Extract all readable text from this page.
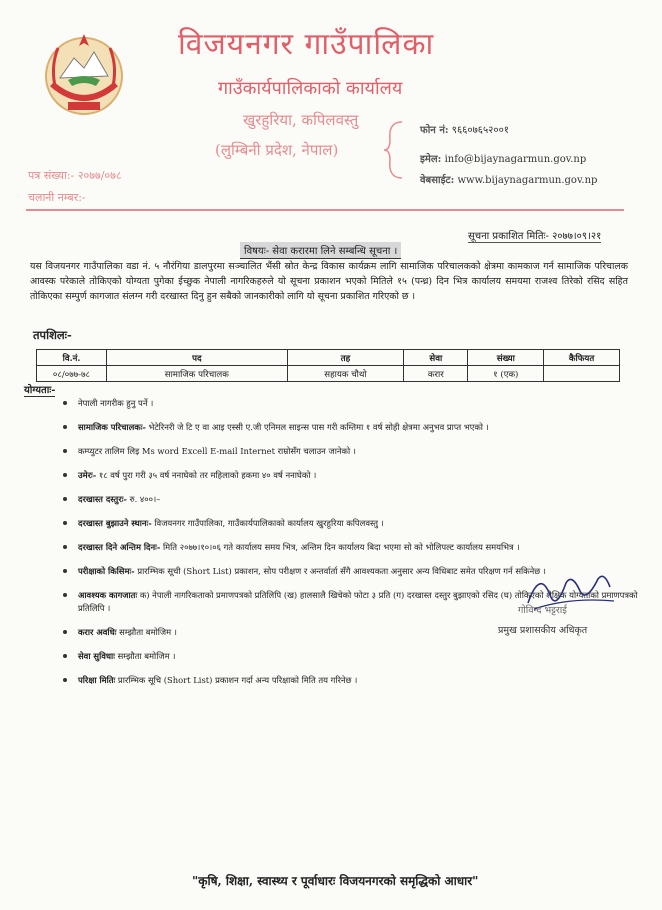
विजयनगर गाउँपालिका
गाउँकार्यपालिकाको कार्यालय
खुरहुरिया, कपिलवस्तु
(लुम्बिनी प्रदेश, नेपाल)
फोन नं: ९६६०७६५२००१
इमेल: info@bijaynagarmun.gov.np
वेबसाईट: www.bijaynagarmun.gov.np
पत्र संख्या:- २०७७/०७८
चलानी नम्बर:-
सूचना प्रकाशित मितिः- २०७७।०९।२१
विषयः- सेवा करारमा लिने सम्बन्धि सूचना ।
यस विजयनगर गाउँपालिका वडा नं. ५ नौरंगिया डालपुरमा सञ्चालित भैंसी स्रोत केन्द्र विकास कार्यक्रम लागि सामाजिक परिचालकको क्षेत्रमा कामकाज गर्न सामाजिक परिचालक आवस्क परेकाले तोकिएको योग्यता पुगेका ईच्छुक नेपाली नागरिकहरुले यो सूचना प्रकाशन भएको मितिले १५ (पन्ध्र) दिन भित्र कार्यालय समयमा राजश्व तिरेको रसिद सहित तोकिएका सम्पुर्ण कागजात संलग्न गरी दरखास्त दिनु हुन सबैको जानकारीको लागि यो सूचना प्रकाशित गरिएको छ ।
तपशिलः-
वि.नं.	पद	तह	सेवा	संख्या	कैफियत
०८/०७७-७८	सामाजिक परिचालक	सहायक चौथो	करार	१ (एक)	
योग्यताः-
नेपाली नागरीक हुनु पर्ने ।
सामाजिक परिचालकः- भेटेरिनरी जे टि ए वा आइ एस्सी ए.जी एनिमल साइन्स पास गरी कम्तिमा १ वर्ष सोही क्षेत्रमा अनुभव प्राप्त भएको ।
कम्प्युटर तालिम लिइ Ms word Excell E-mail Internet राम्रोसँग चलाउन जानेको ।
उमेरः- १८ वर्ष पुरा गरी ३५ वर्ष ननाघेको तर महिलाको हकमा ४० वर्ष ननाघेको ।
दरखास्त दस्तुरः- रु. ४००।–
दरखास्त बुझाउने स्थानः- विजयनगर गाउँपालिका, गाउँकार्यपालिकाको कार्यालय खुरहुरिया कपिलवस्तु ।
दरखास्त दिने अन्तिम दिनः- मिति २०७७।१०।०६ गते कार्यालय समय भित्र, अन्तिम दिन कार्यालय बिदा भएमा सो को भोलिपल्ट कार्यालय समयभित्र ।
परीक्षाको किसिमः- प्रारम्भिक सूची (Short List) प्रकाशन, सोप परीक्षण र अन्तर्वार्ता सँगै आवश्यकता अनुसार अन्य विधिबाट समेत परिक्षण गर्न सकिनेछ ।
आवश्यक कागजातः क) नेपाली नागरिकताको प्रमाणपत्रको प्रतिलिपि (ख) हालसालै खिचेको फोटा ३ प्रति (ग) दरखास्त दस्तुर बुझाएको रसिद (घ) तोकिएको शैक्षिक योग्यताको प्रमाणपत्रको प्रतिलिपि ।
करार अवधिः सम्झौता बमोजिम ।
सेवा सुविधाः सम्झौता बमोजिम ।
परिक्षा मितिः प्रारम्भिक सूचि (Short List) प्रकाशन गर्दा अन्य परिक्षाको मिति तय गरिनेछ ।
गोविन्द भट्टराई
प्रमुख प्रशासकीय अधिकृत
"कृषि, शिक्षा, स्वास्थ्य र पूर्वाधारः विजयनगरको समृद्धिको आधार"
